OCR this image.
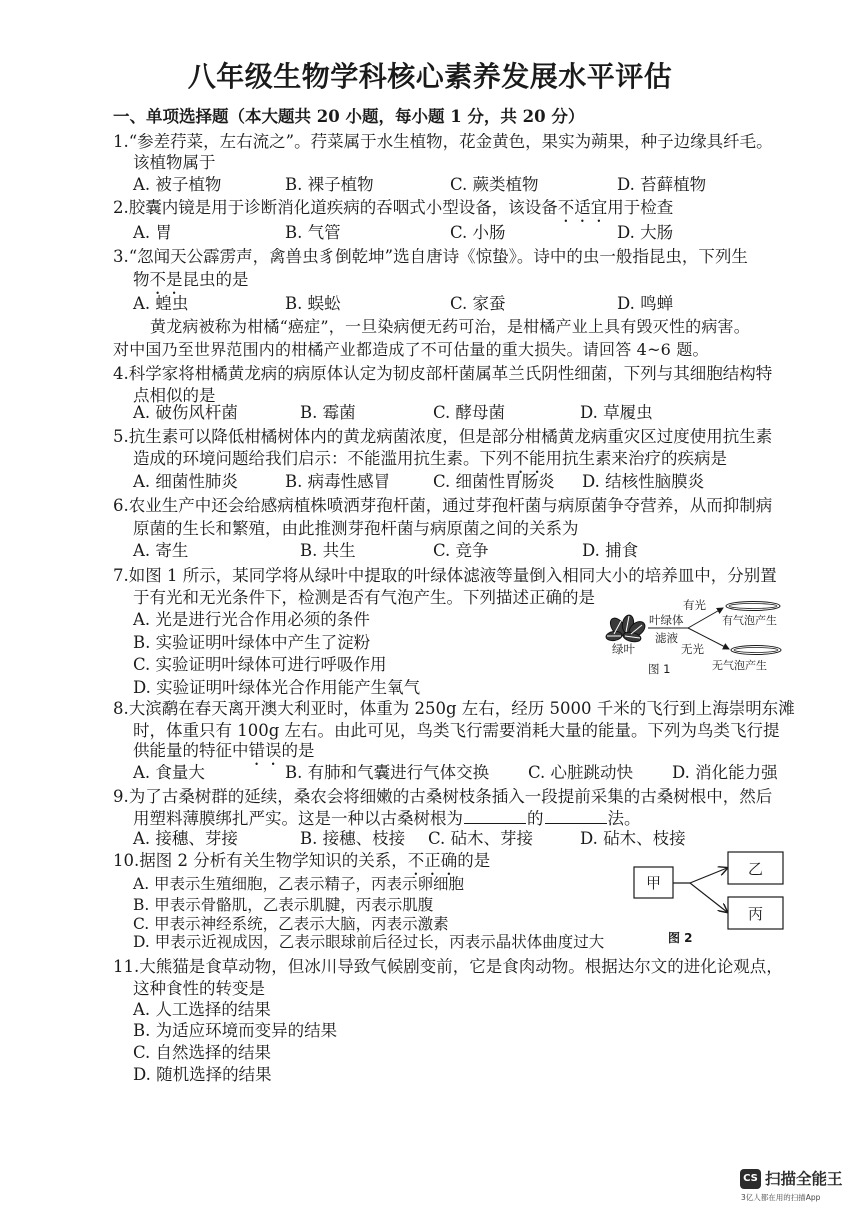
八年级生物学科核心素养发展水平评估
一、单项选择题（本大题共 20 小题，每小题 1 分，共 20 分）
1.“参差荇菜，左右流之”。荇菜属于水生植物，花金黄色，果实为蒴果，种子边缘具纤毛。
该植物属于
A. 被子植物	B. 裸子植物	C. 蕨类植物	D. 苔藓植物
2.胶囊内镜是用于诊断消化道疾病的吞咽式小型设备，该设备不适宜用于检查
A. 胃	B. 气管	C. 小肠	D. 大肠
3.“忽闻天公霹雳声，禽兽虫豸倒乾坤”选自唐诗《惊蛰》。诗中的虫一般指昆虫，下列生
物不是昆虫的是
A. 蝗虫	B. 蜈蚣	C. 家蚕	D. 鸣蝉
黄龙病被称为柑橘“癌症”，一旦染病便无药可治，是柑橘产业上具有毁灭性的病害。
对中国乃至世界范围内的柑橘产业都造成了不可估量的重大损失。请回答 4~6 题。
4.科学家将柑橘黄龙病的病原体认定为韧皮部杆菌属革兰氏阴性细菌，下列与其细胞结构特
点相似的是
A. 破伤风杆菌	B. 霉菌	C. 酵母菌	D. 草履虫
5.抗生素可以降低柑橘树体内的黄龙病菌浓度，但是部分柑橘黄龙病重灾区过度使用抗生素
造成的环境问题给我们启示：不能滥用抗生素。下列不能用抗生素来治疗的疾病是
A. 细菌性肺炎	B. 病毒性感冒	C. 细菌性胃肠炎 D. 结核性脑膜炎
6.农业生产中还会给感病植株喷洒芽孢杆菌，通过芽孢杆菌与病原菌争夺营养，从而抑制病
原菌的生长和繁殖，由此推测芽孢杆菌与病原菌之间的关系为
A. 寄生	B. 共生	C. 竞争	D. 捕食
7.如图 1 所示，某同学将从绿叶中提取的叶绿体滤液等量倒入相同大小的培养皿中，分别置
于有光和无光条件下，检测是否有气泡产生。下列描述正确的是
A. 光是进行光合作用必须的条件
B. 实验证明叶绿体中产生了淀粉
C. 实验证明叶绿体可进行呼吸作用
D. 实验证明叶绿体光合作用能产生氧气
绿叶
叶绿体
滤液
有光
无光
有气泡产生
无气泡产生
图 1
8.大滨鹬在春天离开澳大利亚时，体重为 250g 左右，经历 5000 千米的飞行到上海崇明东滩
时，体重只有 100g 左右。由此可见，鸟类飞行需要消耗大量的能量。下列为鸟类飞行提
供能量的特征中错误的是
A. 食量大	B. 有肺和气囊进行气体交换 C. 心脏跳动快 D. 消化能力强
9.为了古桑树群的延续，桑农会将细嫩的古桑树枝条插入一段提前采集的古桑树根中，然后
用塑料薄膜绑扎严实。这是一种以古桑树根为	的	法。
A. 接穗、芽接	B. 接穗、枝接 C. 砧木、芽接	D. 砧木、枝接
10.据图 2 分析有关生物学知识的关系，不正确的是
A. 甲表示生殖细胞，乙表示精子，丙表示卵细胞
B. 甲表示骨骼肌，乙表示肌腱，丙表示肌腹
C. 甲表示神经系统，乙表示大脑，丙表示激素
D. 甲表示近视成因，乙表示眼球前后径过长，丙表示晶状体曲度过大
甲
乙
丙
图 2
11.大熊猫是食草动物，但冰川导致气候剧变前，它是食肉动物。根据达尔文的进化论观点，
这种食性的转变是
A. 人工选择的结果
B. 为适应环境而变异的结果
C. 自然选择的结果
D. 随机选择的结果
CS 扫描全能王
3亿人都在用的扫描App
